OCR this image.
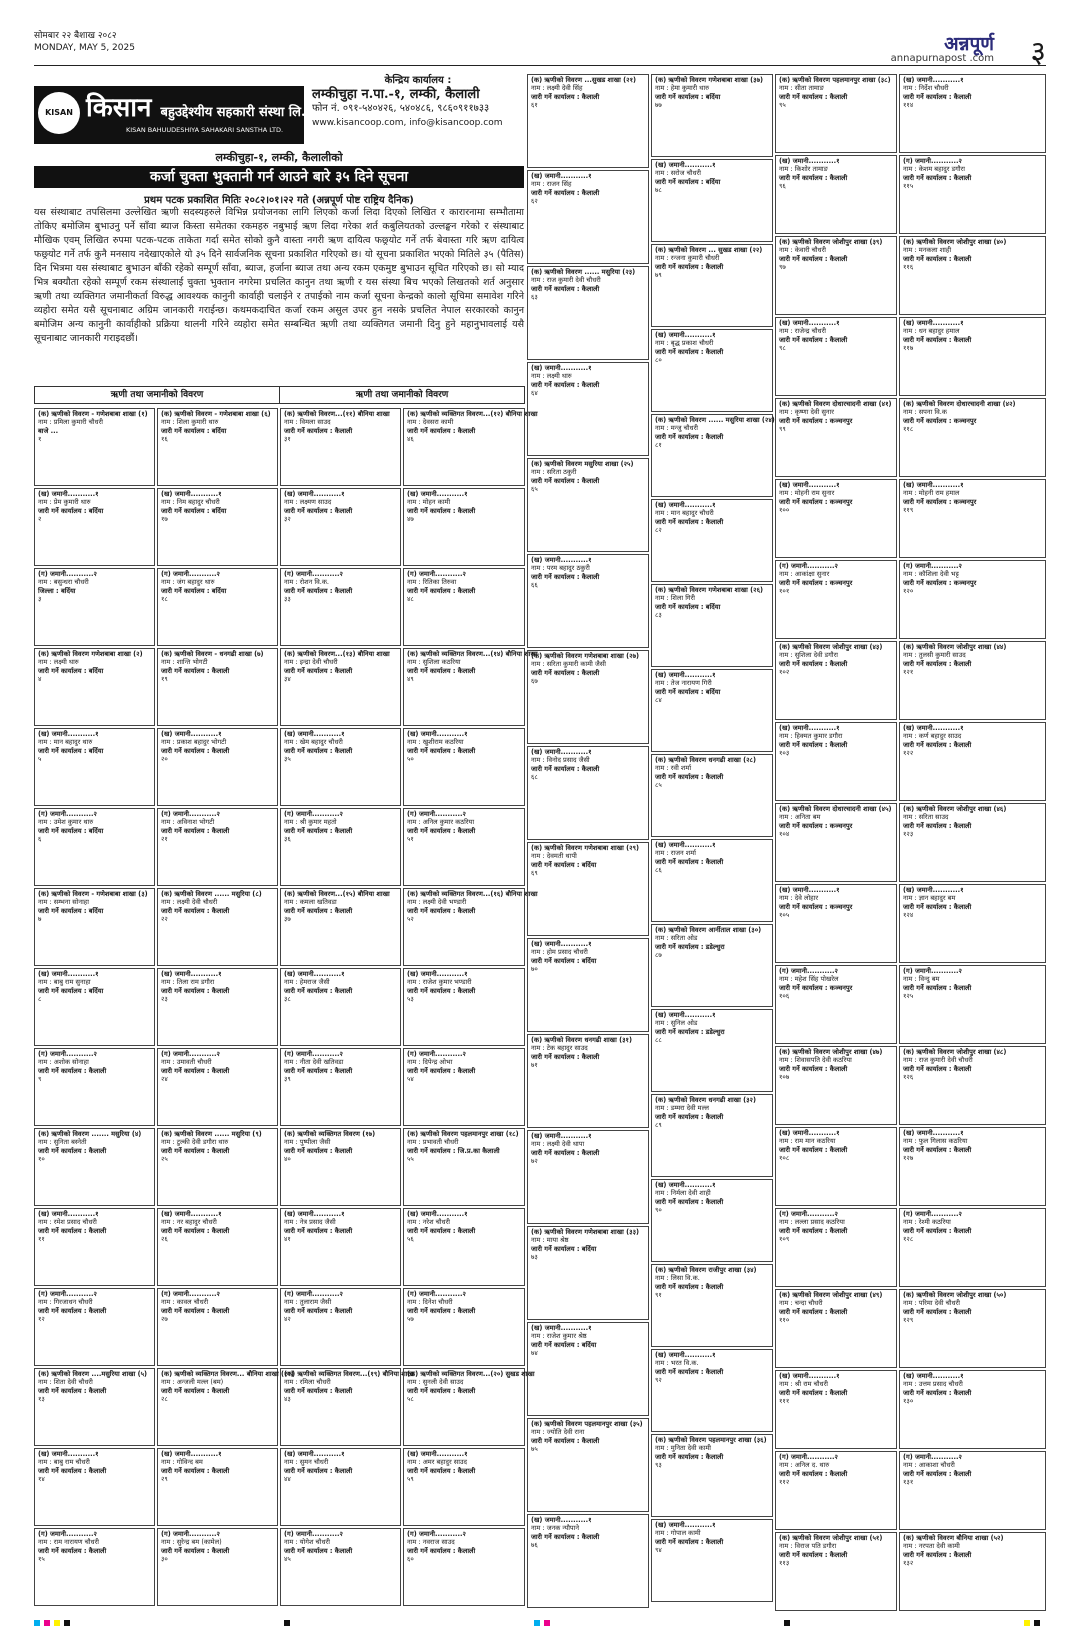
सोमबार २२ बैशाख २०८२
MONDAY, MAY 5, 2025	अन्नपूर्ण
annapurnapost .com ३
KISAN किसान बहुउद्देश्यीय सहकारी संस्था लि.
KISAN BAHUUDESHIYA SAHAKARI SANSTHA LTD.
केन्द्रिय कार्यालय :
लम्कीचुहा न.पा.-१, लम्की, कैलाली
फोन नं. ०९१-५४०४२६, ५४०४८६, ९८६०९११७३३
www.kisancoop.com, info@kisancoop.com
लम्कीचुहा-१, लम्की, कैलालीको
कर्जा चुक्ता भुक्तानी गर्न आउने बारे ३५ दिने सूचना
प्रथम पटक प्रकाशित मितिः २०८२।०१।२२ गते (अन्नपूर्ण पोष्ट राष्ट्रिय दैनिक)
यस संस्थाबाट तपसिलमा उल्लेखित ऋणी सदस्यहरुले विभिन्न प्रयोजनका लागि लिएको कर्जा लिदा दिएको लिखित र कारारनामा सम्भौतामा तोकिए बमोजिम बुभाउनु पर्ने साँवा ब्याज किस्ता समेतका रकमहरु नबुभाई ऋण लिदा गरेका शर्त कबुलियतको उल्लङ्घन गरेको र संस्थाबाट मौखिक एवम् लिखित रुपमा पटक-पटक ताकेता गर्दा समेत सोको कुनै वास्ता नगरी ऋण दायित्व फछ्र्याेट गर्ने तर्फ बेवास्ता गरि ऋण दायित्व फछ्र्याेट गर्ने तर्फ कुनै मनसाय नदेखाएकोले यो ३५ दिने सार्वजनिक सूचना प्रकाशित गरिएको छ। यो सूचना प्रकाशित भएको मितिले ३५ (पैतिस) दिन भित्रमा यस संस्थाबाट बुभाउन बाँकी रहेको सम्पूर्ण साँवा, ब्याज, हर्जाना ब्याज तथा अन्य रकम एकमुष्ट बुभाउन सूचित गरिएको छ। सो म्याद भित्र बक्यौता रहेको सम्पूर्ण रकम संस्थालाई चुक्ता भुक्तान नगरेमा प्रचलित कानुन तथा ऋणी र यस संस्था बिच भएको लिखतको शर्त अनुसार ऋणी तथा व्यक्तिगत जमानीकर्ता विरुद्ध आवश्यक कानुनी कार्वाही चलाईने र तपाईको नाम कर्जा सूचना केन्द्रको कालो सूचिमा समावेश गरिने व्यहोरा समेत यसै सूचनाबाट अग्रिम जानकारी गराईन्छ। कथमकदाचित कर्जा रकम असुल उपर हुन नसके प्रचलित नेपाल सरकारको कानुन बमोजिम अन्य कानुनी कार्वाहीको प्रक्रिया थालनी गरिने व्यहोरा समेत सम्बन्धित ऋणी तथा व्यक्तिगत जमानी दिनु हुने महानुभावलाई यसै सूचनाबाट जानकारी गराइदछौं।
ऋणी तथा जमानीको विवरण	ऋणी तथा जमानीको विवरण

(क) ऋणीको विवरण - गणेशबाबा शाखा (१)

नाम : प्रमिला कुमारी चौधरी

बाजे ...

१

(ख) जमानी...........१

नाम : प्रेम कुमारी थारु

जारी गर्ने कार्यालय : बर्दिया

२

(ग) जमानी...........२

नाम : बसुन्धरा चौधरी

जिल्ला : बर्दिया

३

(क) ऋणीको विवरण गणेशबाबा शाखा (२)

नाम : लक्ष्मी थारु

जारी गर्ने कार्यालय : बर्दिया

४

(ख) जमानी...........१

नाम : मान बहादुर थारु

जारी गर्ने कार्यालय : बर्दिया

५

(ग) जमानी...........२

नाम : उमेश कुमार थारु

जारी गर्ने कार्यालय : बर्दिया

६

(क) ऋणीको विवरण - गणेशबाबा शाखा (३)

नाम : सम्भना सोनाहा

जारी गर्ने कार्यालय : बर्दिया

७

(ख) जमानी...........१

नाम : बाबु राम सुनाहा

जारी गर्ने कार्यालय : बर्दिया

८

(ग) जमानी...........२

नाम : अशोक सोनाहा

जारी गर्ने कार्यालय : कैलाली

९

(क) ऋणीको विवरण ....... मसुरिया (४)

नाम : सुनिता बस्नेती

जारी गर्ने कार्यालय : कैलाली

१०

(ख) जमानी...........१

नाम : रमेश प्रसाद चौधरी

जारी गर्ने कार्यालय : कैलाली

११

(ग) जमानी...........२

नाम : गिरजाधन चौधरी

जारी गर्ने कार्यालय : कैलाली

१२

(क) ऋणीको विवरण ....मसुरिया शाखा (५)

नाम : शिता देवी चौधरी

जारी गर्ने कार्यालय : कैलाली

१३

(ख) जमानी...........१

नाम : बाबु राम चौधरी

जारी गर्ने कार्यालय : कैलाली

१४

(ग) जमानी...........२

नाम : राम नारायण चौधरी

जारी गर्ने कार्यालय : कैलाली

१५

(क) ऋणीको विवरण - गणेशबाबा शाखा (६)

नाम : शिला कुमारी थारु

जारी गर्ने कार्यालय : बर्दिया

१६

(ख) जमानी...........१

नाम : निम बहादुर चौधरी

जारी गर्ने कार्यालय : बर्दिया

१७

(ग) जमानी...........२

नाम : जंग बहादुर थारु

जारी गर्ने कार्यालय : बर्दिया

१८

(क) ऋणीको विवरण - धनगढी शाखा (७)

नाम : शान्ति भोगटी

जारी गर्ने कार्यालय : कैलाली

१९

(ख) जमानी...........१

नाम : प्रकाश बहादुर भोगटी

जारी गर्ने कार्यालय : कैलाली

२०

(ग) जमानी...........२

नाम : अविनाश भोगटी

जारी गर्ने कार्यालय : कैलाली

२१

(क) ऋणीको विवरण ...... मसुरिया (८)

नाम : लक्ष्मी देवी चौधरी

जारी गर्ने कार्यालय : कैलाली

२२

(ख) जमानी...........१

नाम : तिला राम डगौरा

जारी गर्ने कार्यालय : कैलाली

२३

(ग) जमानी...........२

नाम : उमावती चौधरी

जारी गर्ने कार्यालय : कैलाली

२४

(क) ऋणीको विवरण ...... मसुरिया (९)

नाम : टुल्की देवी डगौरा थारु

जारी गर्ने कार्यालय : कैलाली

२५

(ख) जमानी...........१

नाम : नर बहादुर चौधरी

जारी गर्ने कार्यालय : कैलाली

२६

(ग) जमानी...........२

नाम : कावल चौधरी

जारी गर्ने कार्यालय : कैलाली

२७

(क) ऋणीको व्यक्तिगत विवरण... बौनिया शाखा (१०)

नाम : अन्जली मल्ल (बम)

जारी गर्ने कार्यालय : कैलाली

२८

(ख) जमानी...........१

नाम : गोविन्द बम

जारी गर्ने कार्यालय : कैलाली

२९

(ग) जमानी...........२

नाम : सुरेन्द्र बम (कामेल)

जारी गर्ने कार्यालय : कैलाली

३०

(क) ऋणीको विवरण...(११) बौनिया शाखा

नाम : विमला साउद

जारी गर्ने कार्यालय : कैलाली

३१

(ख) जमानी...........१

नाम : लक्ष्मण साउद

जारी गर्ने कार्यालय : कैलाली

३२

(ग) जमानी...........२

नाम : रोशन वि.क.

जारी गर्ने कार्यालय : कैलाली

३३

(क) ऋणीको विवरण...(१३) बौनिया शाखा

नाम : इन्द्रा देवी चौधरी

जारी गर्ने कार्यालय : कैलाली

३४

(ख) जमानी...........१

नाम : खेम बहादुर चौधरी

जारी गर्ने कार्यालय : कैलाली

३५

(ग) जमानी...........२

नाम : श्री कुमार महतो

जारी गर्ने कार्यालय : कैलाली

३६

(क) ऋणीको विवरण...(१५) बौनिया शाखा

नाम : कमला खतिवडा

जारी गर्ने कार्यालय : कैलाली

३७

(ख) जमानी...........१

नाम : हेमराज जैसी

जारी गर्ने कार्यालय : कैलाली

३८

(ग) जमानी...........२

नाम : नीता देवी खतिवडा

जारी गर्ने कार्यालय : कैलाली

३९

(क) ऋणीको व्यक्तिगत विवरण (१७)

नाम : पुष्पीला जैसी

जारी गर्ने कार्यालय : कैलाली

४०

(ख) जमानी...........१

नाम : नेत्र प्रसाद जैसी

जारी गर्ने कार्यालय : कैलाली

४१

(ग) जमानी...........२

नाम : तुलाराम जैसी

जारी गर्ने कार्यालय : कैलाली

४२

(क) ऋणीको व्यक्तिगत विवरण...(१९) बौनिया शाखा

नाम : रमिला चौधरी

जारी गर्ने कार्यालय : कैलाली

४३

(ख) जमानी...........१

नाम : सुमन चौधरी

जारी गर्ने कार्यालय : कैलाली

४४

(ग) जमानी...........२

नाम : योगेश चौधरी

जारी गर्ने कार्यालय : कैलाली

४५

(क) ऋणीको व्यक्तिगत विवरण...(१२) बौनिया शाखा

नाम : देवसरा कामी

जारी गर्ने कार्यालय : कैलाली

४६

(ख) जमानी...........१

नाम : मोहन कामी

जारी गर्ने कार्यालय : कैलाली

४७

(ग) जमानी...........२

नाम : रितिका तिरुवा

जारी गर्ने कार्यालय : कैलाली

४८

(क) ऋणीको व्यक्तिगत विवरण...(१४) बौनिया शाखा

नाम : सुशिला कठरिया

जारी गर्ने कार्यालय : कैलाली

४९

(ख) जमानी...........१

नाम : खुशीराम कठरिया

जारी गर्ने कार्यालय : कैलाली

५०

(ग) जमानी...........२

नाम : अनिल कुमार कठरिया

जारी गर्ने कार्यालय : कैलाली

५१

(क) ऋणीको व्यक्तिगत विवरण...(१६) बौनिया शाखा

नाम : लक्ष्मी देवी भण्डारी

जारी गर्ने कार्यालय : कैलाली

५२

(ख) जमानी...........१

नाम : राजेश कुमार भण्डारी

जारी गर्ने कार्यालय : कैलाली

५३

(ग) जमानी...........२

नाम : दिपेन्द्र ओभा

जारी गर्ने कार्यालय : कैलाली

५४

(क) ऋणीको विवरण पहलमानपुर शाखा (१८)

नाम : प्रभावती चौधरी

जारी गर्ने कार्यालय : जि.प्र.का कैलाली

५५

(ख) जमानी...........१

नाम : नरेश चौधरी

जारी गर्ने कार्यालय : कैलाली

५६

(ग) जमानी...........२

नाम : दिनेश चौधरी

जारी गर्ने कार्यालय : कैलाली

५७

(क) ऋणीको व्यक्तिगत विवरण...(२०) सुखड शाखा

नाम : सुनली देवी साउद

जारी गर्ने कार्यालय : कैलाली

५८

(ख) जमानी...........१

नाम : अमर बहादुर साउद

जारी गर्ने कार्यालय : कैलाली

५९

(ग) जमानी...........२

नाम : नवराज साउद

जारी गर्ने कार्यालय : कैलाली

६०

(क) ऋणीको विवरण ...सुखड शाखा (२१)

नाम : लक्ष्मी देवी सिंह

जारी गर्ने कार्यालय : कैलाली

६१

(ख) जमानी...........१

नाम : राजन सिंह

जारी गर्ने कार्यालय : कैलाली

६२

(क) ऋणीको विवरण ...... मसुरिया (२३)

नाम : राज कुमारी देवी चौधरी

जारी गर्ने कार्यालय : कैलाली

६३

(ख) जमानी...........१

नाम : लक्ष्मी थारु

जारी गर्ने कार्यालय : कैलाली

६४

(क) ऋणीको विवरण मसुरिया शाखा (२५)

नाम : सरिता ठकुरी

जारी गर्ने कार्यालय : कैलाली

६५

(ख) जमानी...........१

नाम : परम बहादुर ठकुरी

जारी गर्ने कार्यालय : कैलाली

६६

(क) ऋणीको विवरण गणेशबाबा शाखा (२७)

नाम : सरिता कुमारी कामी जैसी

जारी गर्ने कार्यालय : कैलाली

६७

(ख) जमानी...........१

नाम : विनोद प्रसाद जैसी

जारी गर्ने कार्यालय : कैलाली

६८

(क) ऋणीको विवरण गणेशबाबा शाखा (२९)

नाम : देवमती थापी

जारी गर्ने कार्यालय : बर्दिया

६९

(ख) जमानी...........१

नाम : होम प्रसाद चौधरी

जारी गर्ने कार्यालय : बर्दिया

७०

(क) ऋणीको विवरण धनगढी शाखा (३१)

नाम : टेक बहादुर साउद

जारी गर्ने कार्यालय : कैलाली

७१

(ख) जमानी...........१

नाम : लक्ष्मी देवी थापा

जारी गर्ने कार्यालय : कैलाली

७२

(क) ऋणीको विवरण गणेशबाबा शाखा (३३)

नाम : माया श्रेष्ठ

जारी गर्ने कार्यालय : बर्दिया

७३

(ख) जमानी...........१

नाम : राजेश कुमार श्रेष्ठ

जारी गर्ने कार्यालय : बर्दिया

७४

(क) ऋणीको विवरण पहलमानपुर शाखा (३५)

नाम : ज्योति देवी राना

जारी गर्ने कार्यालय : कैलाली

७५

(ख) जमानी...........१

नाम : जनक न्यौपाने

जारी गर्ने कार्यालय : कैलाली

७६

(क) ऋणीको विवरण गणेशबाबा शाखा (३७)

नाम : हेमा कुमारी थारु

जारी गर्ने कार्यालय : बर्दिया

७७

(ख) जमानी...........१

नाम : सरोज चौधरी

जारी गर्ने कार्यालय : बर्दिया

७८

(क) ऋणीको विवरण ... सुखड शाखा (२२)

नाम : रन्जना कुमारी चौधरी

जारी गर्ने कार्यालय : कैलाली

७९

(ख) जमानी...........१

नाम : बृद्ध प्रकाश चौधरी

जारी गर्ने कार्यालय : कैलाली

८०

(क) ऋणीको विवरण ...... मसुरिया शाखा (२४)

नाम : मन्जु चौधरी

जारी गर्ने कार्यालय : कैलाली

८१

(ख) जमानी...........१

नाम : मान बहादुर चौधरी

जारी गर्ने कार्यालय : कैलाली

८२

(क) ऋणीको विवरण गणेशबाबा शाखा (२६)

नाम : शिला गिरी

जारी गर्ने कार्यालय : बर्दिया

८३

(ख) जमानी...........१

नाम : तेज नारायण गिरी

जारी गर्ने कार्यालय : बर्दिया

८४

(क) ऋणीको विवरण धनगढी शाखा (२८)

नाम : रवी शर्मा

जारी गर्ने कार्यालय : कैलाली

८५

(ख) जमानी...........१

नाम : राजन शर्मा

जारी गर्ने कार्यालय : कैलाली

८६

(क) ऋणीको विवरण आर्नीताल शाखा (३०)

नाम : सरिता ओड

जारी गर्ने कार्यालय : डडेल्धुरा

८७

(ख) जमानी...........१

नाम : सुनिल ओड

जारी गर्ने कार्यालय : डडेल्धुरा

८८

(क) ऋणीको विवरण धनगढी शाखा (३२)

नाम : डम्मरा देवी मल्ल

जारी गर्ने कार्यालय : कैलाली

८९

(ख) जमानी...........१

नाम : निर्मला देवी शाही

जारी गर्ने कार्यालय : कैलाली

९०

(क) ऋणीको विवरण राजीपुर शाखा (३४)

नाम : लिसा वि.क.

जारी गर्ने कार्यालय : कैलाली

९१

(ख) जमानी...........१

नाम : भरत वि.क.

जारी गर्ने कार्यालय : कैलाली

९२

(क) ऋणीको विवरण पहलमानपुर शाखा (३६)

नाम : मुनिता देवी कामी

जारी गर्ने कार्यालय : कैलाली

९३

(ख) जमानी...........१

नाम : गोपाल कामी

जारी गर्ने कार्यालय : कैलाली

९४

(क) ऋणीको विवरण पहलमानपुर शाखा (३८)

नाम : सीता तामाङ

जारी गर्ने कार्यालय : कैलाली

९५

(ख) जमानी...........१

नाम : किशोर तामाङ

जारी गर्ने कार्यालय : कैलाली

९६

(क) ऋणीको विवरण जोशीपुर शाखा (३९)

नाम : केवारी चौधरी

जारी गर्ने कार्यालय : कैलाली

९७

(ख) जमानी...........१

नाम : राजेन्द्र चौधरी

जारी गर्ने कार्यालय : कैलाली

९८

(क) ऋणीको विवरण दोधारचादनी शाखा (४१)

नाम : कृष्णा देवी सुनार

जारी गर्ने कार्यालय : कञ्चनपुर

९९

(ख) जमानी...........१

नाम : मोहनी राम सुनार

जारी गर्ने कार्यालय : कञ्चनपुर

१००

(ग) जमानी...........२

नाम : आकांक्षा सुनार

जारी गर्ने कार्यालय : कञ्चनपुर

१०१

(क) ऋणीको विवरण जोशीपुर शाखा (४३)

नाम : सुशिला देवी डगौरा

जारी गर्ने कार्यालय : कैलाली

१०२

(ख) जमानी...........१

नाम : हिक्मत कुमार डगौरा

जारी गर्ने कार्यालय : कैलाली

१०३

(क) ऋणीको विवरण दोधारचादनी शाखा (४५)

नाम : अनिता बम

जारी गर्ने कार्यालय : कञ्चनपुर

१०४

(ख) जमानी...........१

नाम : देवे लोहार

जारी गर्ने कार्यालय : कञ्चनपुर

१०५

(ग) जमानी...........२

नाम : महेश सिंह पोखरेल

जारी गर्ने कार्यालय : कञ्चनपुर

१०६

(क) ऋणीको विवरण जोशीपुर शाखा (४७)

नाम : शिवासपति देवी कठरिया

जारी गर्ने कार्यालय : कैलाली

१०७

(ख) जमानी...........१

नाम : राम मान कठरिया

जारी गर्ने कार्यालय : कैलाली

१०८

(ग) जमानी...........२

नाम : लल्ला प्रसाद कठरिया

जारी गर्ने कार्यालय : कैलाली

१०९

(क) ऋणीको विवरण जोशीपुर शाखा (४९)

नाम : चन्दा चौधरी

जारी गर्ने कार्यालय : कैलाली

११०

(ख) जमानी...........१

नाम : श्री राम चौधरी

जारी गर्ने कार्यालय : कैलाली

१११

(ग) जमानी...........२

नाम : अनिल द. थारु

जारी गर्ने कार्यालय : कैलाली

११२

(क) ऋणीको विवरण जोशीपुर शाखा (५१)

नाम : विराज पति डगौरा

जारी गर्ने कार्यालय : कैलाली

११३

(ख) जमानी...........१

नाम : निर्देश चौधरी

जारी गर्ने कार्यालय : कैलाली

११४

(ग) जमानी...........२

नाम : केशम बहादुर डगौरा

जारी गर्ने कार्यालय : कैलाली

११५

(क) ऋणीको विवरण जोशीपुर शाखा (४०)

नाम : मनकला शाही

जारी गर्ने कार्यालय : कैलाली

११६

(ख) जमानी...........१

नाम : धन बहादुर हमाल

जारी गर्ने कार्यालय : कैलाली

११७

(क) ऋणीको विवरण दोधारचादनी शाखा (४२)

नाम : सपना वि.क

जारी गर्ने कार्यालय : कञ्चनपुर

११८

(ख) जमानी...........१

नाम : मोहनी राम हमाल

जारी गर्ने कार्यालय : कञ्चनपुर

११९

(ग) जमानी...........२

नाम : कौशिला देवी भट्ट

जारी गर्ने कार्यालय : कञ्चनपुर

१२०

(क) ऋणीको विवरण जोशीपुर शाखा (४४)

नाम : तुलसी कुमारी साउद

जारी गर्ने कार्यालय : कैलाली

१२१

(ख) जमानी...........१

नाम : कर्ण बहादुर साउद

जारी गर्ने कार्यालय : कैलाली

१२२

(क) ऋणीको विवरण जोशीपुर शाखा (४६)

नाम : सरिता साउद

जारी गर्ने कार्यालय : कैलाली

१२३

(ख) जमानी...........१

नाम : ज्ञान बहादुर बम

जारी गर्ने कार्यालय : कैलाली

१२४

(ग) जमानी...........२

नाम : विन्दु बम

जारी गर्ने कार्यालय : कैलाली

१२५

(क) ऋणीको विवरण जोशीपुर शाखा (४८)

नाम : राज कुमारी देवी चौधरी

जारी गर्ने कार्यालय : कैलाली

१२६

(ख) जमानी...........१

नाम : फुल गिलास कठरिया

जारी गर्ने कार्यालय : कैलाली

१२७

(ग) जमानी...........२

नाम : रेश्मी कठरिया

जारी गर्ने कार्यालय : कैलाली

१२८

(क) ऋणीको विवरण जोशीपुर शाखा (५०)

नाम : परिमा देवी चौधरी

जारी गर्ने कार्यालय : कैलाली

१२९

(ख) जमानी...........१

नाम : उत्तम प्रसाद चौधरी

जारी गर्ने कार्यालय : कैलाली

१३०

(ग) जमानी...........२

नाम : आकाशा चौधरी

जारी गर्ने कार्यालय : कैलाली

१३१

(क) ऋणीको विवरण बौनिया शाखा (५२)

नाम : नरपता देवी कामी

जारी गर्ने कार्यालय : कैलाली

१३२
